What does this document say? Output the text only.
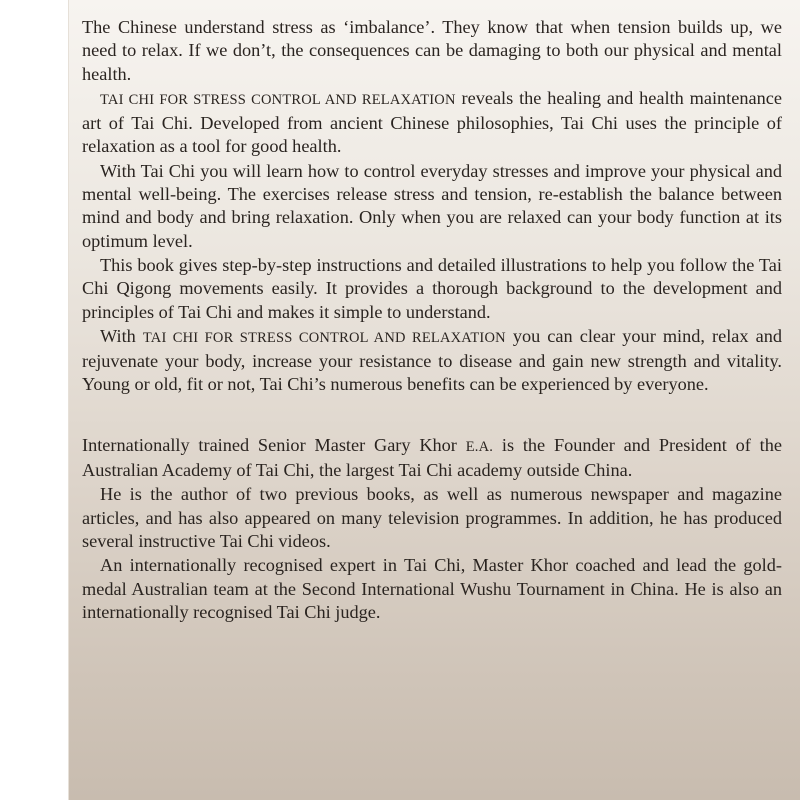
The Chinese understand stress as ‘imbalance’. They know that when tension builds up, we need to relax. If we don’t, the consequences can be damaging to both our physical and mental health.

TAI CHI FOR STRESS CONTROL AND RELAXATION reveals the healing and health maintenance art of Tai Chi. Developed from ancient Chinese philosophies, Tai Chi uses the principle of relaxation as a tool for good health.

With Tai Chi you will learn how to control everyday stresses and improve your physical and mental well-being. The exercises release stress and tension, re-establish the balance between mind and body and bring relaxation. Only when you are relaxed can your body function at its optimum level.

This book gives step-by-step instructions and detailed illustrations to help you follow the Tai Chi Qigong movements easily. It provides a thorough background to the development and principles of Tai Chi and makes it simple to understand.

With TAI CHI FOR STRESS CONTROL AND RELAXATION you can clear your mind, relax and rejuvenate your body, increase your resistance to disease and gain new strength and vitality. Young or old, fit or not, Tai Chi’s numerous benefits can be experienced by everyone.

Internationally trained Senior Master Gary Khor E.A. is the Founder and President of the Australian Academy of Tai Chi, the largest Tai Chi academy outside China.

He is the author of two previous books, as well as numerous newspaper and magazine articles, and has also appeared on many television programmes. In addition, he has produced several instructive Tai Chi videos.

An internationally recognised expert in Tai Chi, Master Khor coached and lead the gold-medal Australian team at the Second International Wushu Tournament in China. He is also an internationally recognised Tai Chi judge.
